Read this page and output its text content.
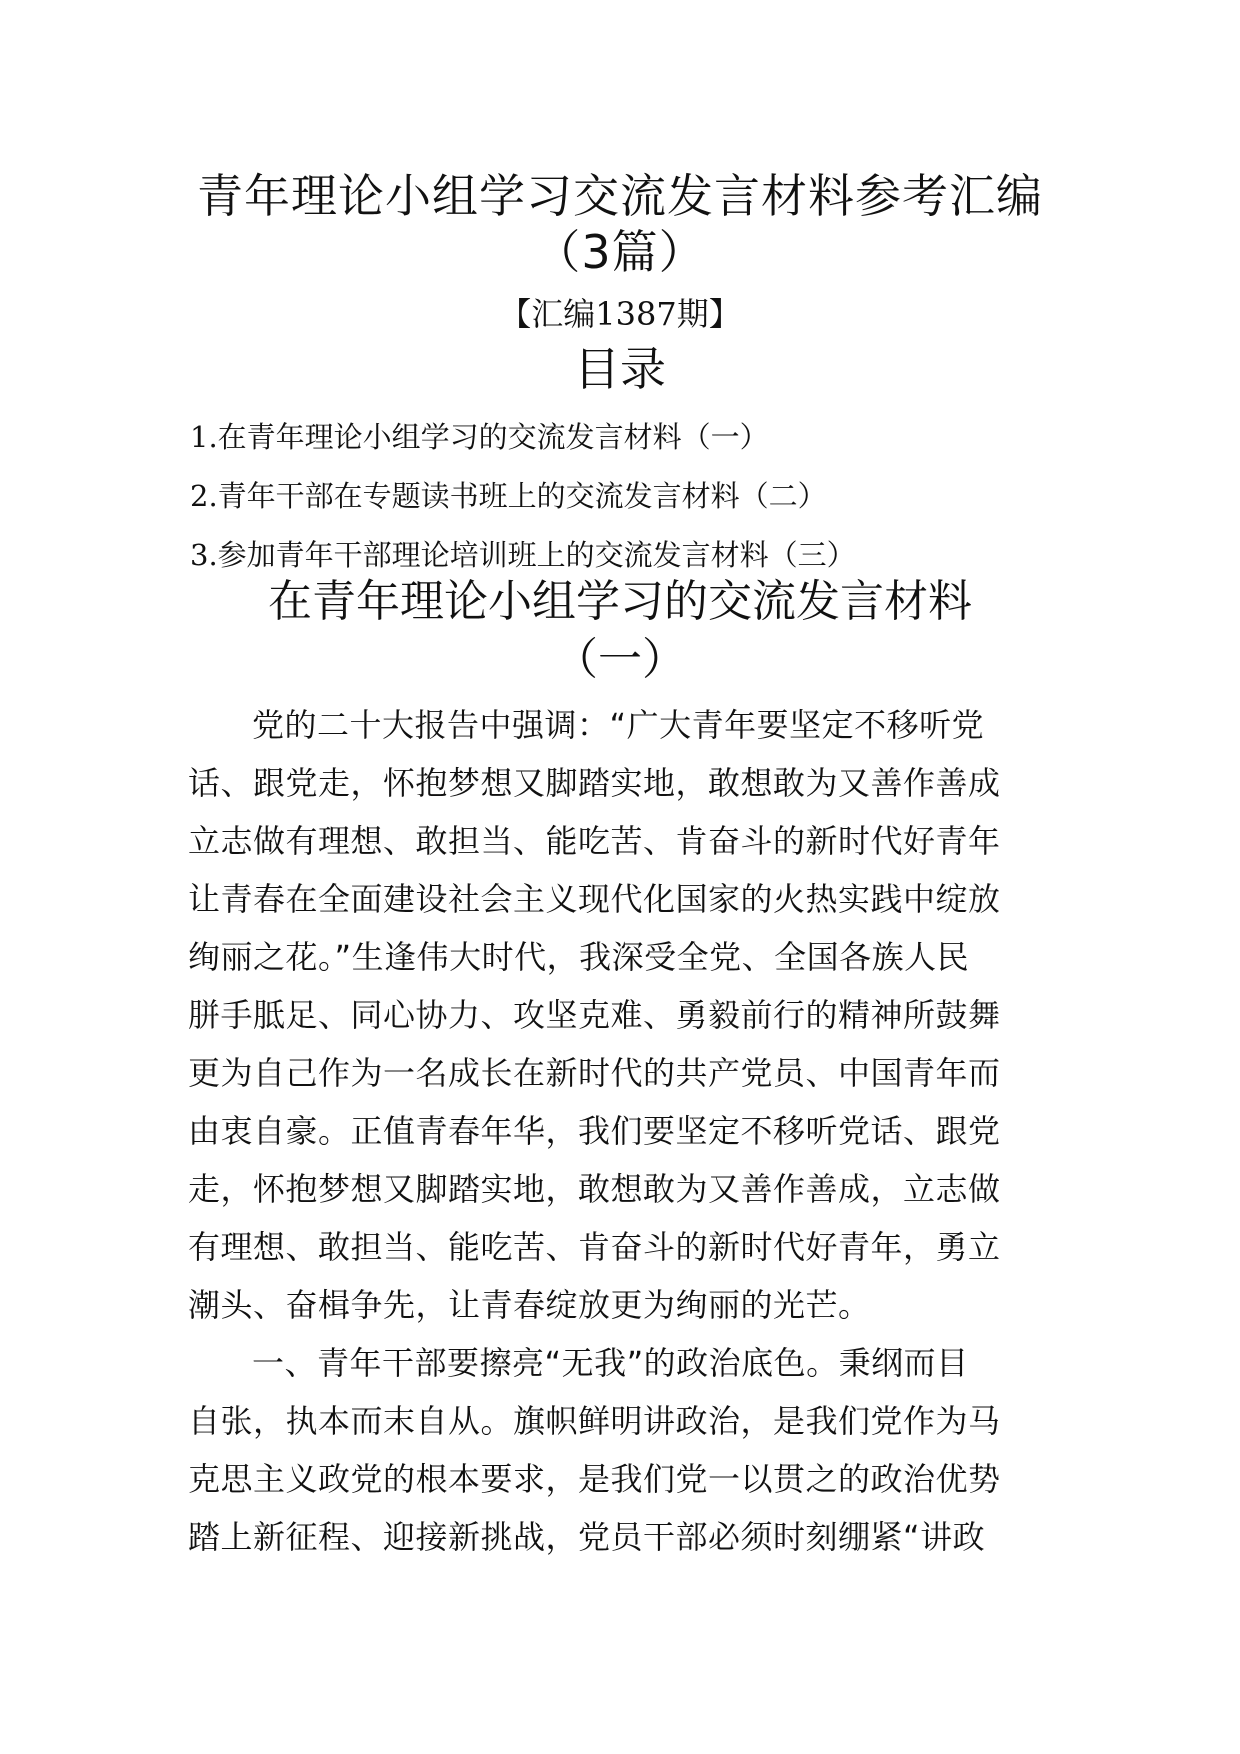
青年理论小组学习交流发言材料参考汇编
（3篇）
【汇编1387期】
目录
1.在青年理论小组学习的交流发言材料（一）
2.青年干部在专题读书班上的交流发言材料（二）
3.参加青年干部理论培训班上的交流发言材料（三）
在青年理论小组学习的交流发言材料
（一）
党的二十大报告中强调：“广大青年要坚定不移听党
话、跟党走，怀抱梦想又脚踏实地，敢想敢为又善作善成
立志做有理想、敢担当、能吃苦、肯奋斗的新时代好青年
让青春在全面建设社会主义现代化国家的火热实践中绽放
绚丽之花。”生逢伟大时代，我深受全党、全国各族人民
胼手胝足、同心协力、攻坚克难、勇毅前行的精神所鼓舞
更为自己作为一名成长在新时代的共产党员、中国青年而
由衷自豪。正值青春年华，我们要坚定不移听党话、跟党
走，怀抱梦想又脚踏实地，敢想敢为又善作善成，立志做
有理想、敢担当、能吃苦、肯奋斗的新时代好青年，勇立
潮头、奋楫争先，让青春绽放更为绚丽的光芒。
一、青年干部要擦亮“无我”的政治底色。秉纲而目
自张，执本而末自从。旗帜鲜明讲政治，是我们党作为马
克思主义政党的根本要求，是我们党一以贯之的政治优势
踏上新征程、迎接新挑战，党员干部必须时刻绷紧“讲政
